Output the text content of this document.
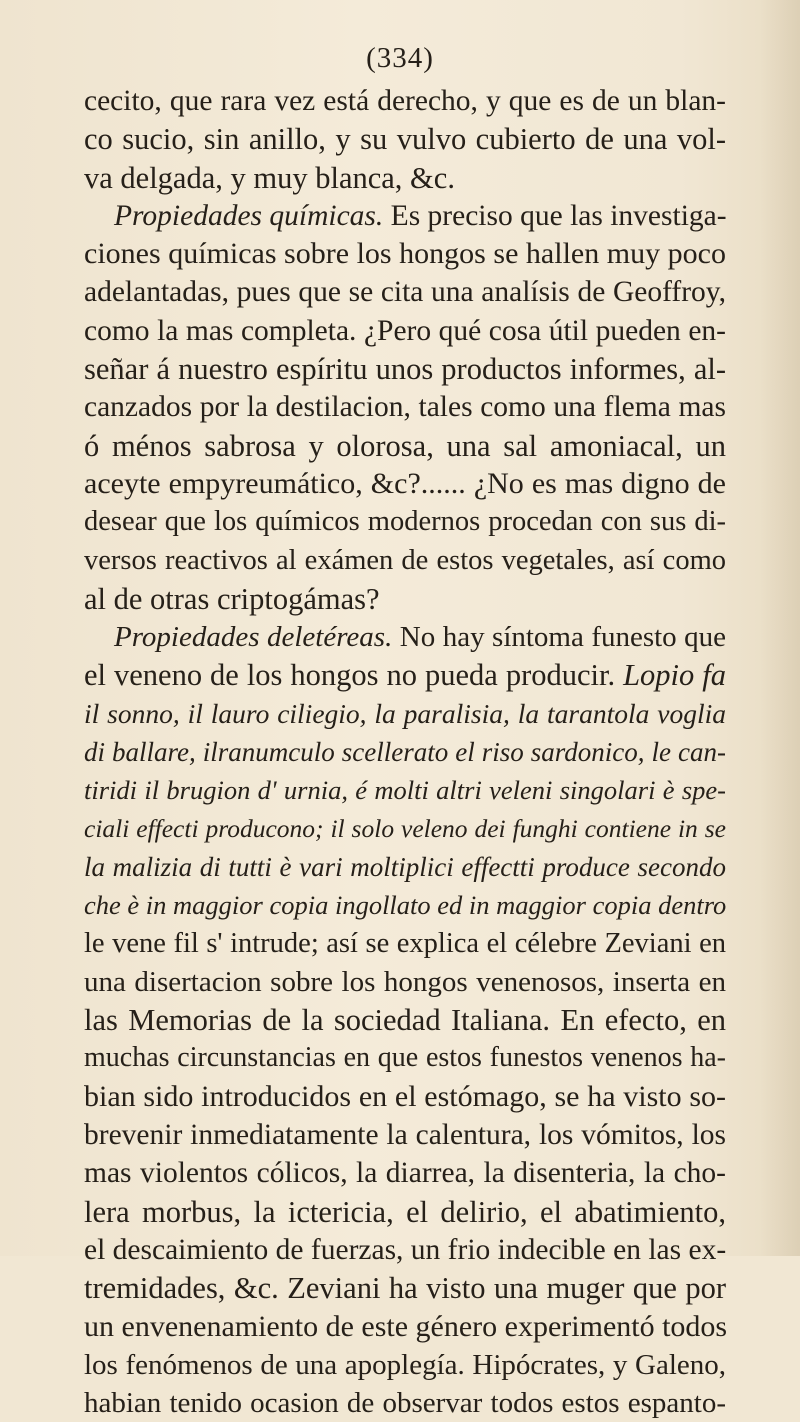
(334)

cecito, que rara vez está derecho, y que es de un blan-

co sucio, sin anillo, y su vulvo cubierto de una vol-

va delgada, y muy blanca, &c.

Propiedades químicas. Es preciso que las investiga-

ciones químicas sobre los hongos se hallen muy poco

adelantadas, pues que se cita una analísis de Geoffroy,

como la mas completa. ¿Pero qué cosa útil pueden en-

señar á nuestro espíritu unos productos informes, al-

canzados por la destilacion, tales como una flema mas

ó ménos sabrosa y olorosa, una sal amoniacal, un

aceyte empyreumático, &c?...... ¿No es mas digno de

desear que los químicos modernos procedan con sus di-

versos reactivos al exámen de estos vegetales, así como

al de otras criptogámas?

Propiedades deletéreas. No hay síntoma funesto que

el veneno de los hongos no pueda producir. Lopio fa

il sonno, il lauro ciliegio, la paralisia, la tarantola voglia

di ballare, ilranumculo scellerato el riso sardonico, le can-

tiridi il brugion d' urnia, é molti altri veleni singolari è spe-

ciali effecti producono; il solo veleno dei funghi contiene in se

la malizia di tutti è vari moltiplici effectti produce secondo

che è in maggior copia ingollato ed in maggior copia dentro

le vene fil s' intrude; así se explica el célebre Zeviani en

una disertacion sobre los hongos venenosos, inserta en

las Memorias de la sociedad Italiana. En efecto, en

muchas circunstancias en que estos funestos venenos ha-

bian sido introducidos en el estómago, se ha visto so-

brevenir inmediatamente la calentura, los vómitos, los

mas violentos cólicos, la diarrea, la disenteria, la cho-

lera morbus, la ictericia, el delirio, el abatimiento,

el descaimiento de fuerzas, un frio indecible en las ex-

tremidades, &c. Zeviani ha visto una muger que por

un envenenamiento de este género experimentó todos

los fenómenos de una apoplegía. Hipócrates, y Galeno,

habian tenido ocasion de observar todos estos espanto-
